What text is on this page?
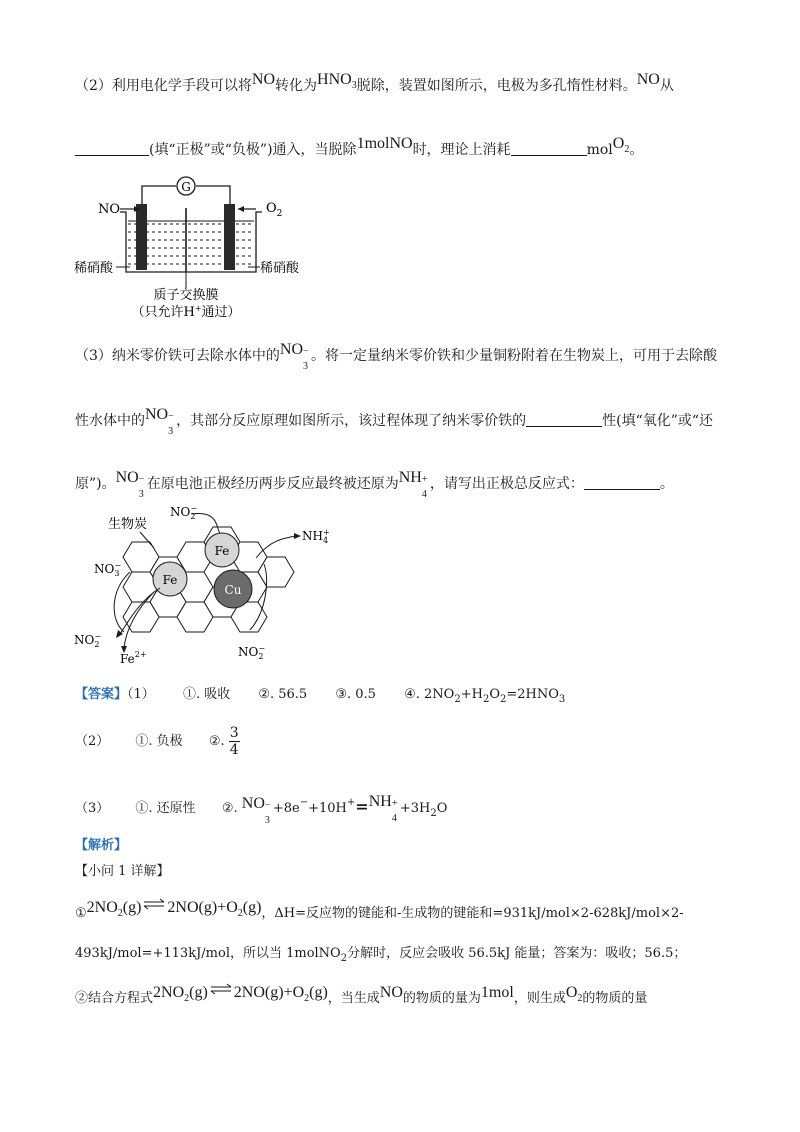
（2）利用电化学手段可以将NO转化为$HNO_3$脱除，装置如图所示，电极为多孔惰性材料。NO从
(填“正极”或“负极”)通入，当脱除1molNO时，理论上消耗	molO$_2$。
G
NO	$O_2$
稀硝酸	稀硝酸
质子交换膜
（只允许H+通过）
（3）纳米零价铁可去除水体中的NO −
3
。将一定量纳米零价铁和少量铜粉附着在生物炭上，可用于去除酸
性水体中的NO −
3
，其部分反应原理如图所示，该过程体现了纳米零价铁的	性(填“氧化”或“还
原”)。NO −
3
在原电池正极经历两步反应最终被还原为NH +
4
，请写出正极总反应式：	。
Fe
Fe
Cu
生物炭
$NO_2-$
$NH_4+$
$NO_3-$
$NO_2-$
$Fe^{2+}$	$NO_2-$
【答案】（1） ①. 吸收 ②. 56.5 ③. 0.5 ④. $2NO_2+H_2O_2=2HNO_3$
（2） ①. 负极 ②. $\frac{3}{4}$
（3） ①. 还原性 ②. NO −
3
+8e−+10H+=NH +
4
$+3H_2O$
【解析】
【小问 1 详解】
$①2NO_2(g)$ ⇌ $2NO(g)+O_2(g)$，ΔH=反应物的键能和-生成物的键能和=931kJ/mol×2-628kJ/mol×2-
493kJ/mol=+113kJ/mol，所以当 1molNO$_2$分解时，反应会吸收 56.5kJ 能量；答案为：吸收；56.5；
②结合方程式$2NO_2(g)$ ⇌ $2NO(g)+O_2(g)$，当生成NO的物质的量为1mol，则生成$O_2$的物质的量
